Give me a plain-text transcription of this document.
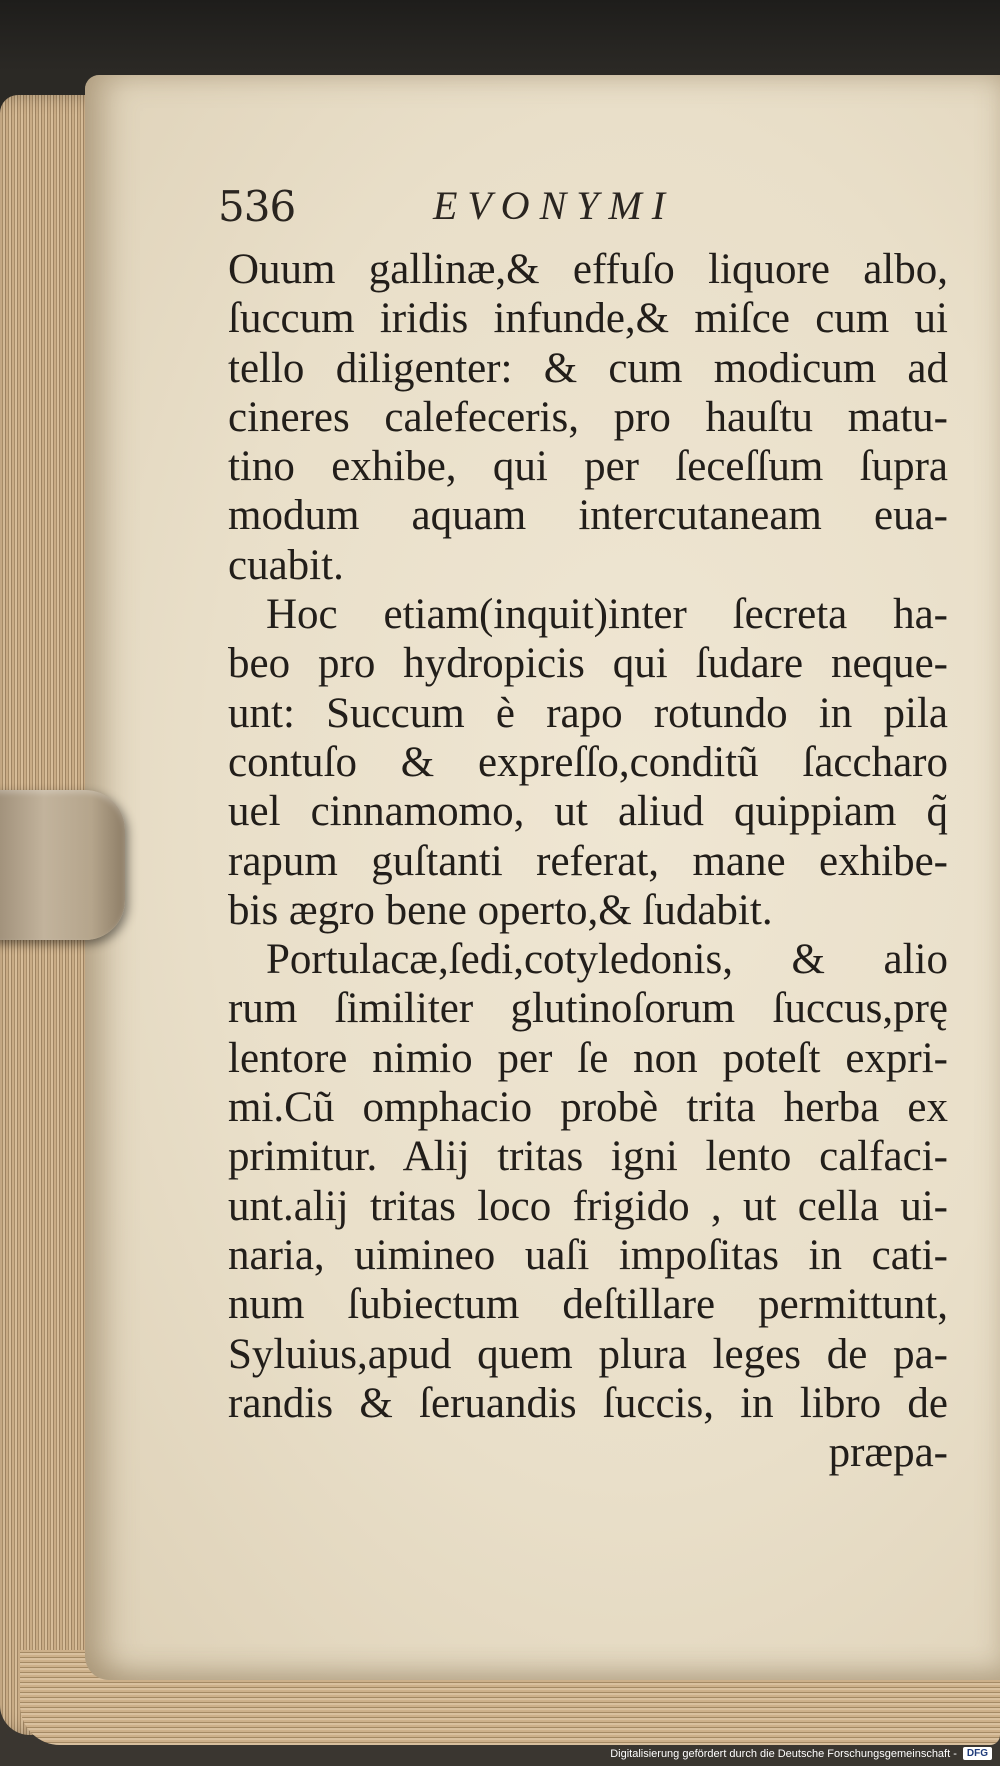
536	EVONYMI
Ouum gallinæ,& effuſo liquore albo,
ſuccum iridis infunde,& miſce cum ui
tello diligenter: & cum modicum ad
cineres calefeceris, pro hauſtu matu-
tino exhibe, qui per ſeceſſum ſupra
modum aquam intercutaneam eua-
cuabit.
Hoc etiam(inquit)inter ſecreta ha-
beo pro hydropicis qui ſudare neque-
unt: Succum è rapo rotundo in pila
contuſo & expreſſo,conditũ ſaccharo
uel cinnamomo, ut aliud quippiam q̃
rapum guſtanti referat, mane exhibe-
bis ægro bene operto,& ſudabit.
Portulacæ,ſedi,cotyledonis, & alio
rum ſimiliter glutinoſorum ſuccus,prę
lentore nimio per ſe non poteſt expri-
mi.Cũ omphacio probè trita herba ex
primitur. Alij tritas igni lento calfaci-
unt.alij tritas loco frigido , ut cella ui-
naria, uimineo uaſi impoſitas in cati-
num ſubiectum deſtillare permittunt,
Syluius,apud quem plura leges de pa-
randis & ſeruandis ſuccis, in libro de
præpa-
Digitalisierung gefördert durch die Deutsche Forschungsgemeinschaft -	DFG
